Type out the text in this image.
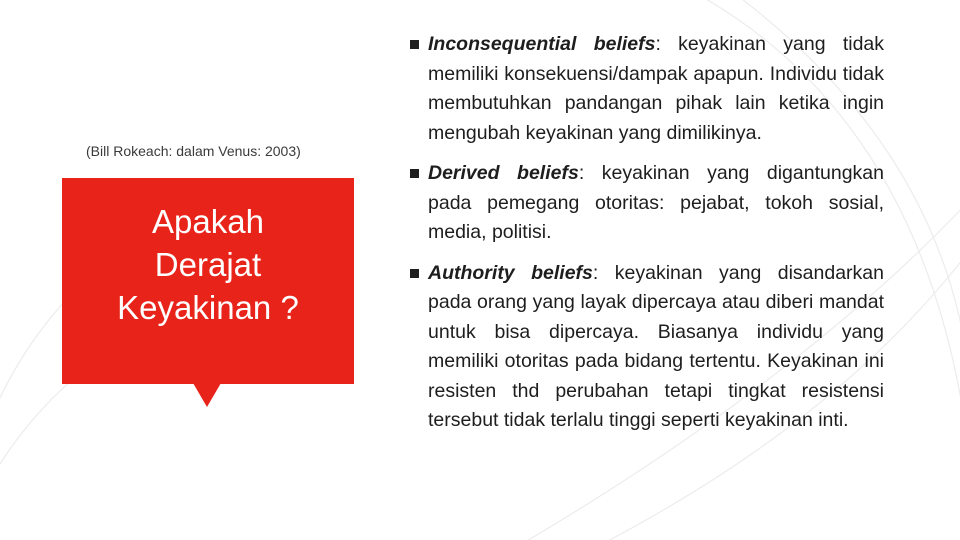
(Bill Rokeach: dalam Venus: 2003)
Apakah
Derajat
Keyakinan ?
Inconsequential beliefs: keyakinan yang tidak memiliki konsekuensi/dampak apapun. Individu tidak membutuhkan pandangan pihak lain ketika ingin mengubah keyakinan yang dimilikinya.
Derived beliefs: keyakinan yang digantungkan pada pemegang otoritas: pejabat, tokoh sosial, media, politisi.
Authority beliefs: keyakinan yang disandarkan pada orang yang layak dipercaya atau diberi mandat untuk bisa dipercaya. Biasanya individu yang memiliki otoritas pada bidang tertentu. Keyakinan ini resisten thd perubahan tetapi tingkat resistensi tersebut tidak terlalu tinggi seperti keyakinan inti.
